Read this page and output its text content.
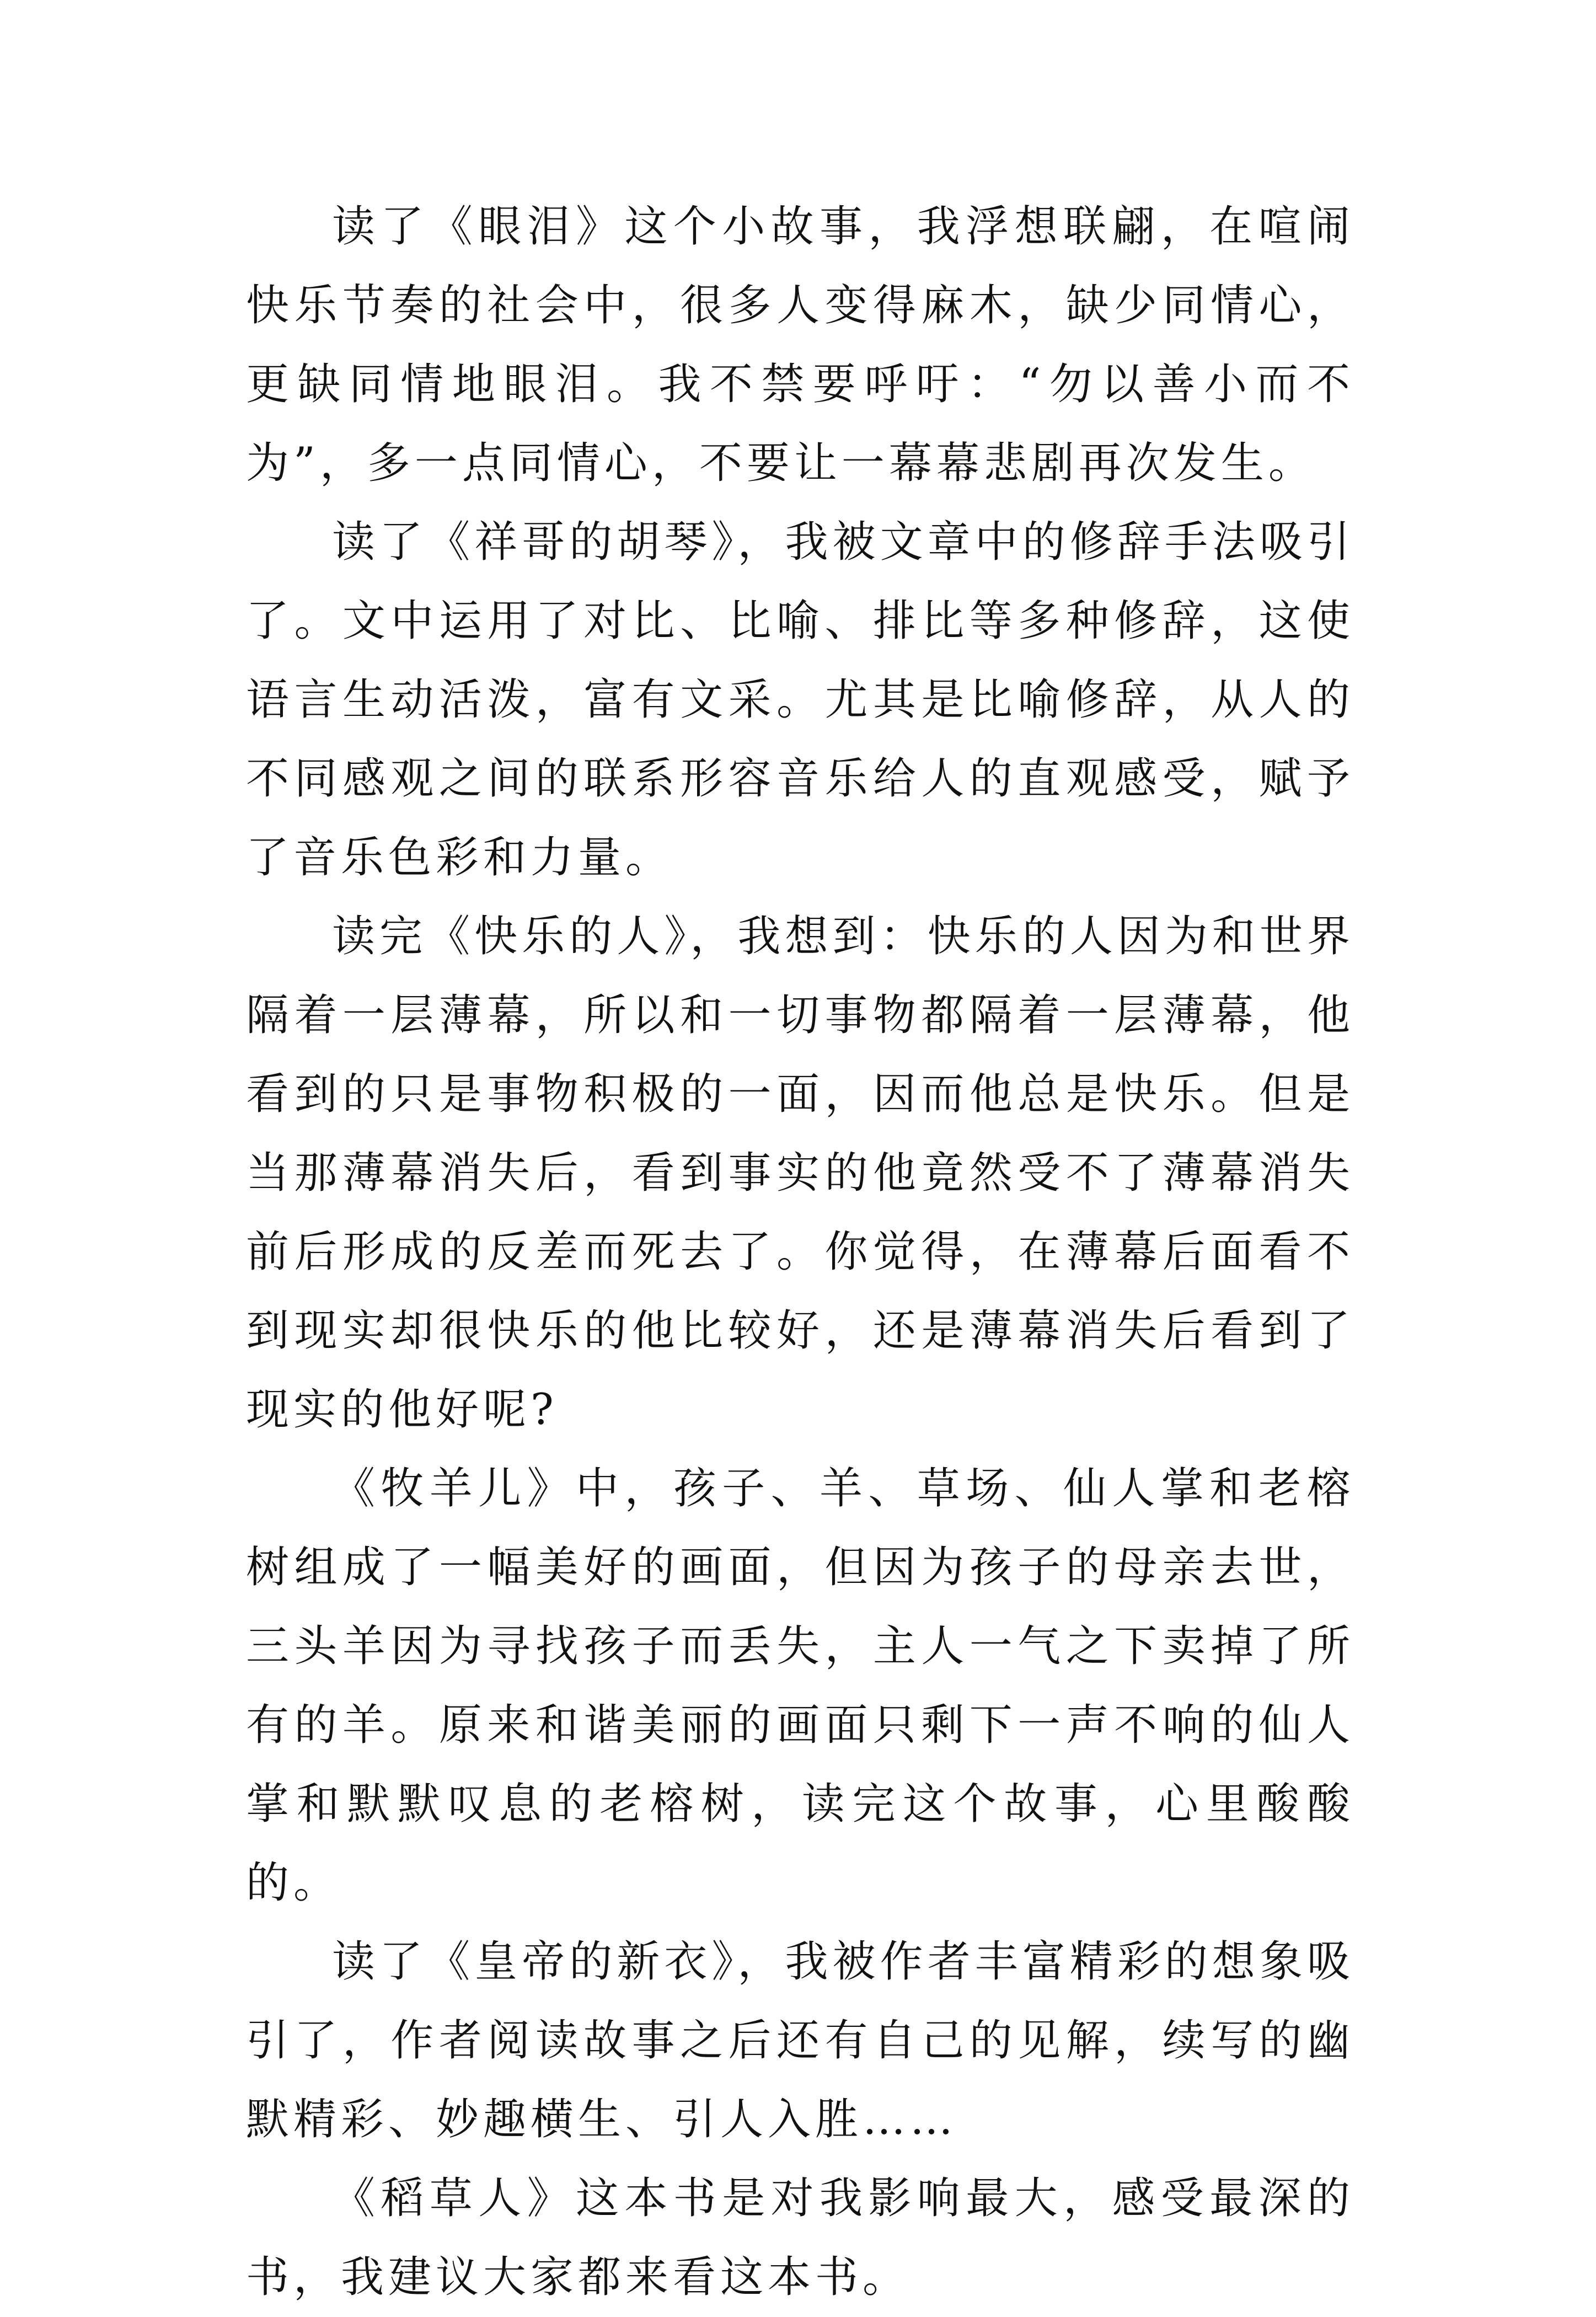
读了《眼泪》这个小故事，我浮想联翩，在喧闹快乐节奏的社会中，很多人变得麻木，缺少同情心，更缺同情地眼泪。我不禁要呼吁：“勿以善小而不为”，多一点同情心，不要让一幕幕悲剧再次发生。

读了《祥哥的胡琴》，我被文章中的修辞手法吸引了。文中运用了对比、比喻、排比等多种修辞，这使语言生动活泼，富有文采。尤其是比喻修辞，从人的不同感观之间的联系形容音乐给人的直观感受，赋予了音乐色彩和力量。

读完《快乐的人》，我想到：快乐的人因为和世界隔着一层薄幕，所以和一切事物都隔着一层薄幕，他看到的只是事物积极的一面，因而他总是快乐。但是当那薄幕消失后，看到事实的他竟然受不了薄幕消失前后形成的反差而死去了。你觉得，在薄幕后面看不到现实却很快乐的他比较好，还是薄幕消失后看到了现实的他好呢?

《牧羊儿》中，孩子、羊、草场、仙人掌和老榕树组成了一幅美好的画面，但因为孩子的母亲去世，三头羊因为寻找孩子而丢失，主人一气之下卖掉了所有的羊。原来和谐美丽的画面只剩下一声不响的仙人掌和默默叹息的老榕树，读完这个故事，心里酸酸的。

读了《皇帝的新衣》，我被作者丰富精彩的想象吸引了，作者阅读故事之后还有自己的见解，续写的幽默精彩、妙趣横生、引人入胜……

《稻草人》这本书是对我影响最大，感受最深的书，我建议大家都来看这本书。
